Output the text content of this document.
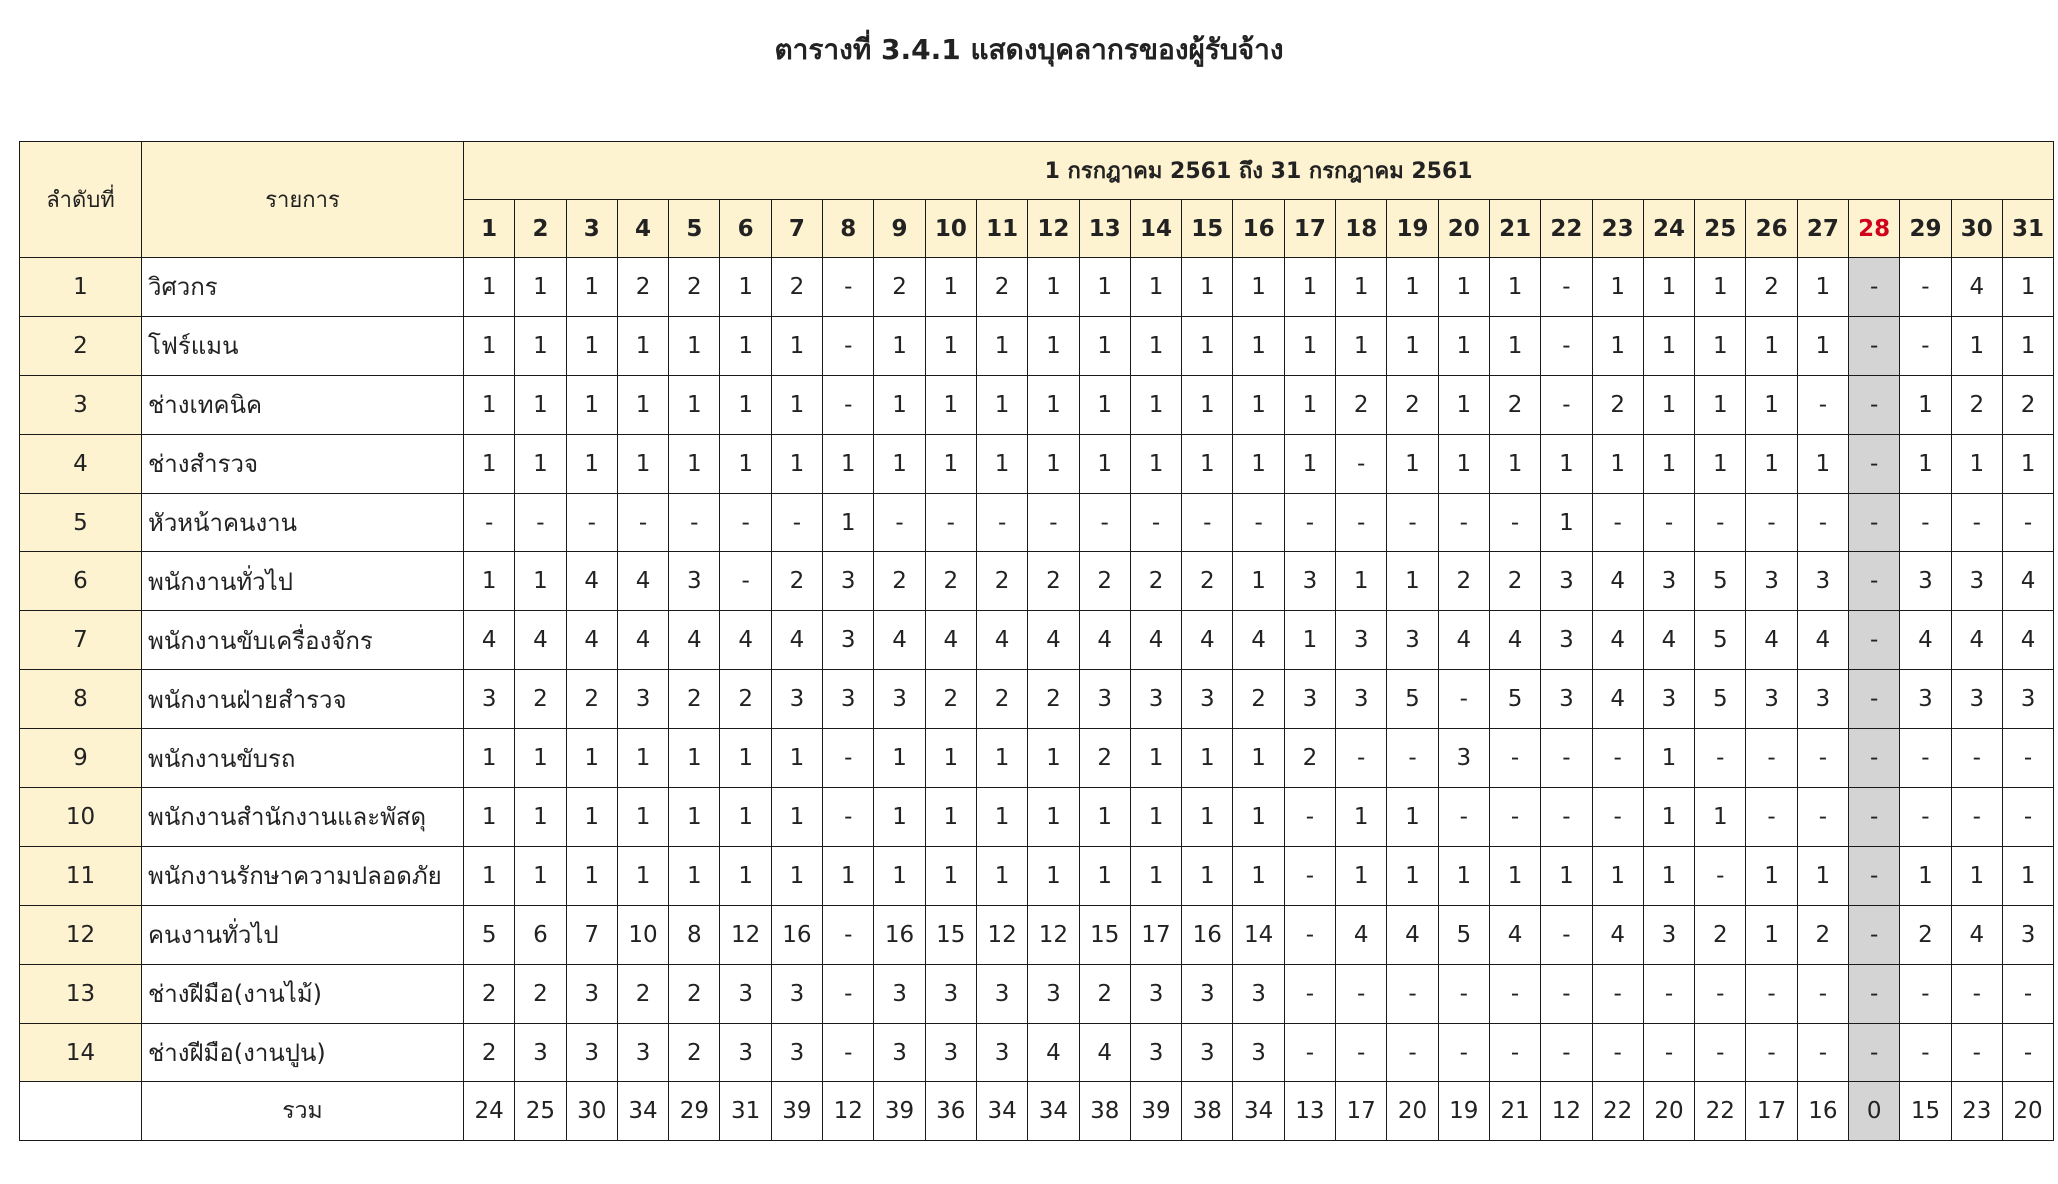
ตารางที่ 3.4.1 แสดงบุคลากรของผู้รับจ้าง
ลำดับที่	รายการ	1 กรกฎาคม 2561 ถึง 31 กรกฎาคม 2561																														
		1	2	3	4	5	6	7	8	9	10	11	12	13	14	15	16	17	18	19	20	21	22	23	24	25	26	27	28	29	30	31
1	วิศวกร	1	1	1	2	2	1	2	-	2	1	2	1	1	1	1	1	1	1	1	1	1	-	1	1	1	2	1	-	-	4	1
2	โฟร์แมน	1	1	1	1	1	1	1	-	1	1	1	1	1	1	1	1	1	1	1	1	1	-	1	1	1	1	1	-	-	1	1
3	ช่างเทคนิค	1	1	1	1	1	1	1	-	1	1	1	1	1	1	1	1	1	2	2	1	2	-	2	1	1	1	-	-	1	2	2
4	ช่างสำรวจ	1	1	1	1	1	1	1	1	1	1	1	1	1	1	1	1	1	-	1	1	1	1	1	1	1	1	1	-	1	1	1
5	หัวหน้าคนงาน	-	-	-	-	-	-	-	1	-	-	-	-	-	-	-	-	-	-	-	-	-	1	-	-	-	-	-	-	-	-	-
6	พนักงานทั่วไป	1	1	4	4	3	-	2	3	2	2	2	2	2	2	2	1	3	1	1	2	2	3	4	3	5	3	3	-	3	3	4
7	พนักงานขับเครื่องจักร	4	4	4	4	4	4	4	3	4	4	4	4	4	4	4	4	1	3	3	4	4	3	4	4	5	4	4	-	4	4	4
8	พนักงานฝ่ายสำรวจ	3	2	2	3	2	2	3	3	3	2	2	2	3	3	3	2	3	3	5	-	5	3	4	3	5	3	3	-	3	3	3
9	พนักงานขับรถ	1	1	1	1	1	1	1	-	1	1	1	1	2	1	1	1	2	-	-	3	-	-	-	1	-	-	-	-	-	-	-
10	พนักงานสำนักงานและพัสดุ	1	1	1	1	1	1	1	-	1	1	1	1	1	1	1	1	-	1	1	-	-	-	-	1	1	-	-	-	-	-	-
11	พนักงานรักษาความปลอดภัย	1	1	1	1	1	1	1	1	1	1	1	1	1	1	1	1	-	1	1	1	1	1	1	1	-	1	1	-	1	1	1
12	คนงานทั่วไป	5	6	7	10	8	12	16	-	16	15	12	12	15	17	16	14	-	4	4	5	4	-	4	3	2	1	2	-	2	4	3
13	ช่างฝีมือ(งานไม้)	2	2	3	2	2	3	3	-	3	3	3	3	2	3	3	3	-	-	-	-	-	-	-	-	-	-	-	-	-	-	-
14	ช่างฝีมือ(งานปูน)	2	3	3	3	2	3	3	-	3	3	3	4	4	3	3	3	-	-	-	-	-	-	-	-	-	-	-	-	-	-	-
	รวม	24	25	30	34	29	31	39	12	39	36	34	34	38	39	38	34	13	17	20	19	21	12	22	20	22	17	16	0	15	23	20
